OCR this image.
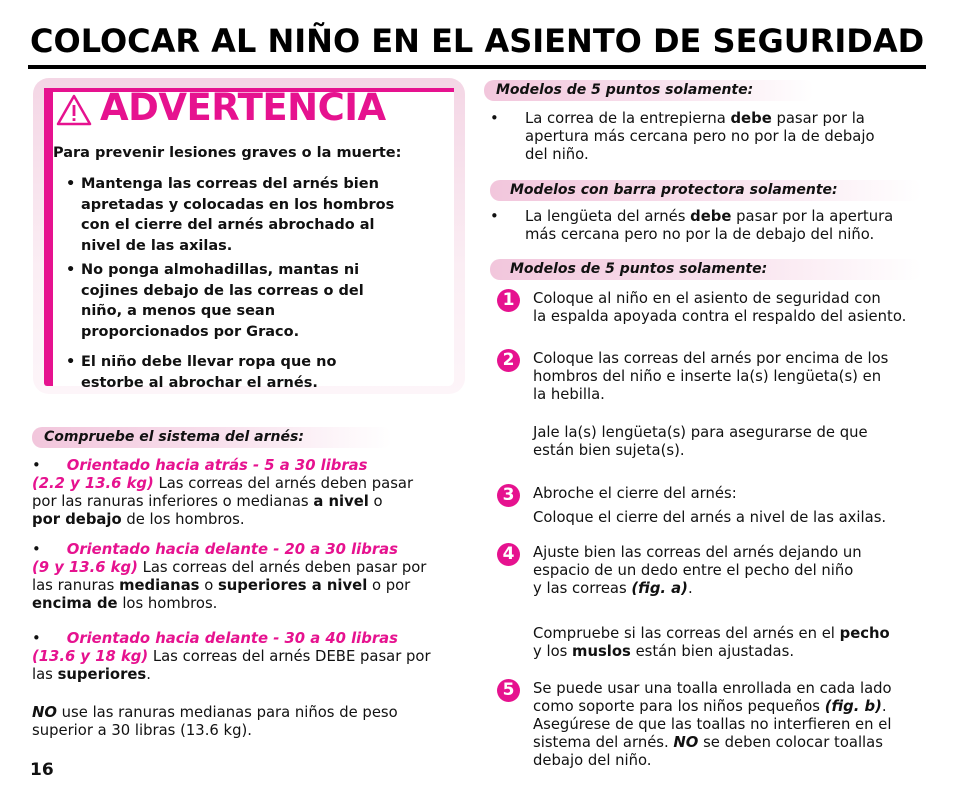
COLOCAR AL NIÑO EN EL ASIENTO DE SEGURIDAD
ADVERTENCIA
Para prevenir lesiones graves o la muerte:
• Mantenga las correas del arnés bien
apretadas y colocadas en los hombros
con el cierre del arnés abrochado al
nivel de las axilas.
• No ponga almohadillas, mantas ni
cojines debajo de las correas o del
niño, a menos que sean
proporcionados por Graco.
• El niño debe llevar ropa que no
estorbe al abrochar el arnés.
Compruebe el sistema del arnés:
• Orientado hacia atrás - 5 a 30 libras
(2.2 y 13.6 kg) Las correas del arnés deben pasar
por las ranuras inferiores o medianas a nivel o
por debajo de los hombros.
• Orientado hacia delante - 20 a 30 libras
(9 y 13.6 kg) Las correas del arnés deben pasar por
las ranuras medianas o superiores a nivel o por
encima de los hombros.
• Orientado hacia delante - 30 a 40 libras
(13.6 y 18 kg) Las correas del arnés DEBE pasar por
las superiores.
NO use las ranuras medianas para niños de peso
superior a 30 libras (13.6 kg).
16
Modelos de 5 puntos solamente:
•	La correa de la entrepierna debe pasar por la
apertura más cercana pero no por la de debajo
del niño.
Modelos con barra protectora solamente:
•	La lengüeta del arnés debe pasar por la apertura
más cercana pero no por la de debajo del niño.
Modelos de 5 puntos solamente:
1	Coloque al niño en el asiento de seguridad con
la espalda apoyada contra el respaldo del asiento.
2	Coloque las correas del arnés por encima de los
hombros del niño e inserte la(s) lengüeta(s) en
la hebilla.
Jale la(s) lengüeta(s) para asegurarse de que
están bien sujeta(s).
3	Abroche el cierre del arnés:
Coloque el cierre del arnés a nivel de las axilas.
4	Ajuste bien las correas del arnés dejando un
espacio de un dedo entre el pecho del niño
y las correas (fig. a).
Compruebe si las correas del arnés en el pecho
y los muslos están bien ajustadas.
5	Se puede usar una toalla enrollada en cada lado
como soporte para los niños pequeños (fig. b).
Asegúrese de que las toallas no interfieren en el
sistema del arnés. NO se deben colocar toallas
debajo del niño.
